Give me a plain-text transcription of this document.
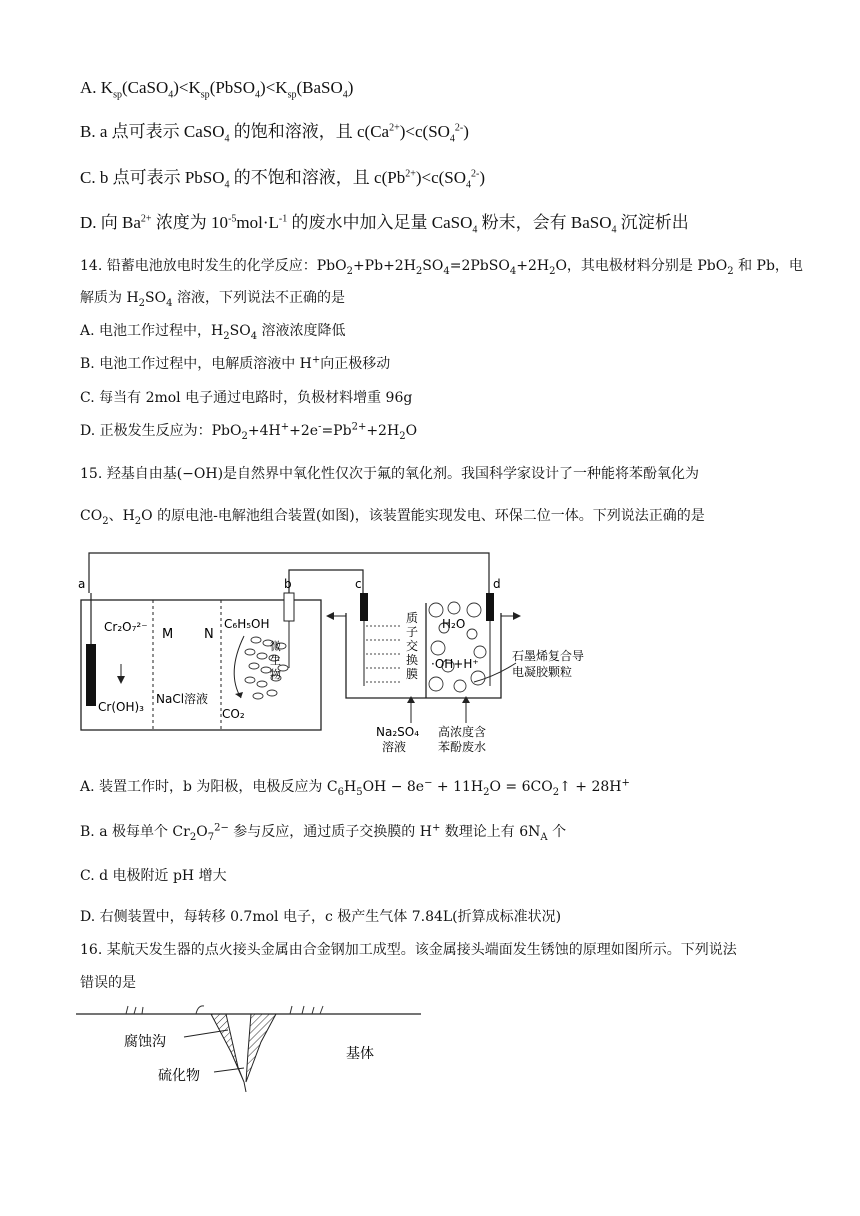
A. $K_{sp}(CaSO_4)<K_{sp}(PbSO_4)<K_{sp}(BaSO_4)$
B. a 点可表示 CaSO$_4$ 的饱和溶液，且 $c(Ca^{2+})<c(SO_4^{2-})$
C. b 点可表示 PbSO$_4$ 的不饱和溶液，且 $c(Pb^{2+})<c(SO_4^{2-})$
D. 向 $Ba^{2+}$ 浓度为 $10^{-5}mol\cdot L^{-1}$ 的废水中加入足量 CaSO$_4$ 粉末，会有 BaSO$_4$ 沉淀析出
14. 铅蓄电池放电时发生的化学反应：$PbO_2+Pb+2H_2SO_4=2PbSO_4+2H_2O$，其电极材料分别是 PbO$_2$ 和 Pb，电
解质为 $H_2SO_4$ 溶液，下列说法不正确的是
A. 电池工作过程中，$H_2SO_4$ 溶液浓度降低
B. 电池工作过程中，电解质溶液中 H+向正极移动
C. 每当有 2mol 电子通过电路时，负极材料增重 96g
D. 正极发生反应为：$PbO_2+4H^++2e^-=Pb^{2+}+2H_2O$
15. 羟基自由基(−OH)是自然界中氧化性仅次于氟的氧化剂。我国科学家设计了一种能将苯酚氧化为
$CO_2$、$H_2O$ 的原电池-电解池组合装置(如图)，该装置能实现发电、环保二位一体。下列说法正确的是
a	b
Cr₂O₇²⁻
Cr(OH)₃
M N
NaCl溶液
C₆H₅OH
微
生
物
CO₂
c	d
质
子
交
换
膜
H₂O
·OH+H⁺
石墨烯复合导
电凝胶颗粒
Na₂SO₄
溶液
高浓度含
苯酚废水
A. 装置工作时，b 为阳极，电极反应为 $C_6H_5OH - 8e^- + 11H_2O$ = $6CO_2↑ + 28H^+$
B. a 极每单个 $Cr_2O_7^{2-}$ 参与反应，通过质子交换膜的 H+ 数理论上有 $6N_A$ 个
C. d 电极附近 pH 增大
D. 右侧装置中，每转移 0.7mol 电子，c 极产生气体 7.84L(折算成标准状况)
16. 某航天发生器的点火接头金属由合金钢加工成型。该金属接头端面发生锈蚀的原理如图所示。下列说法
错误的是
腐蚀沟
硫化物
基体
